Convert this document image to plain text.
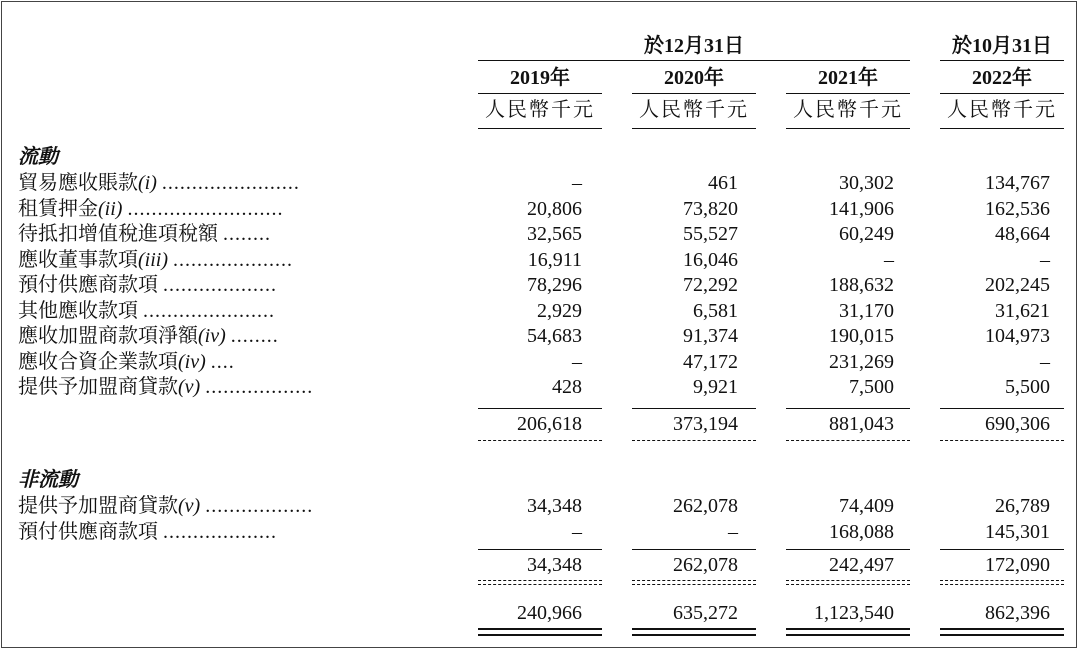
於12月31日	於10月31日
2019年	2020年	2021年	2022年
人民幣千元	人民幣千元	人民幣千元	人民幣千元
流動
貿易應收賬款(i) .......................	–	461	30,302	134,767
租賃押金(ii) ..........................	20,806	73,820	141,906	162,536
待抵扣增值稅進項稅額 ........	32,565	55,527	60,249	48,664
應收董事款項(iii) ....................	16,911	16,046	–	–
預付供應商款項 ...................	78,296	72,292	188,632	202,245
其他應收款項 ......................	2,929	6,581	31,170	31,621
應收加盟商款項淨額(iv) ........	54,683	91,374	190,015	104,973
應收合資企業款項(iv) ....	–	47,172	231,269	–
提供予加盟商貸款(v) ..................	428	9,921	7,500	5,500
206,618	373,194	881,043	690,306
非流動
提供予加盟商貸款(v) ..................	34,348	262,078	74,409	26,789
預付供應商款項 ...................	–	–	168,088	145,301
34,348	262,078	242,497	172,090
240,966	635,272	1,123,540	862,396
